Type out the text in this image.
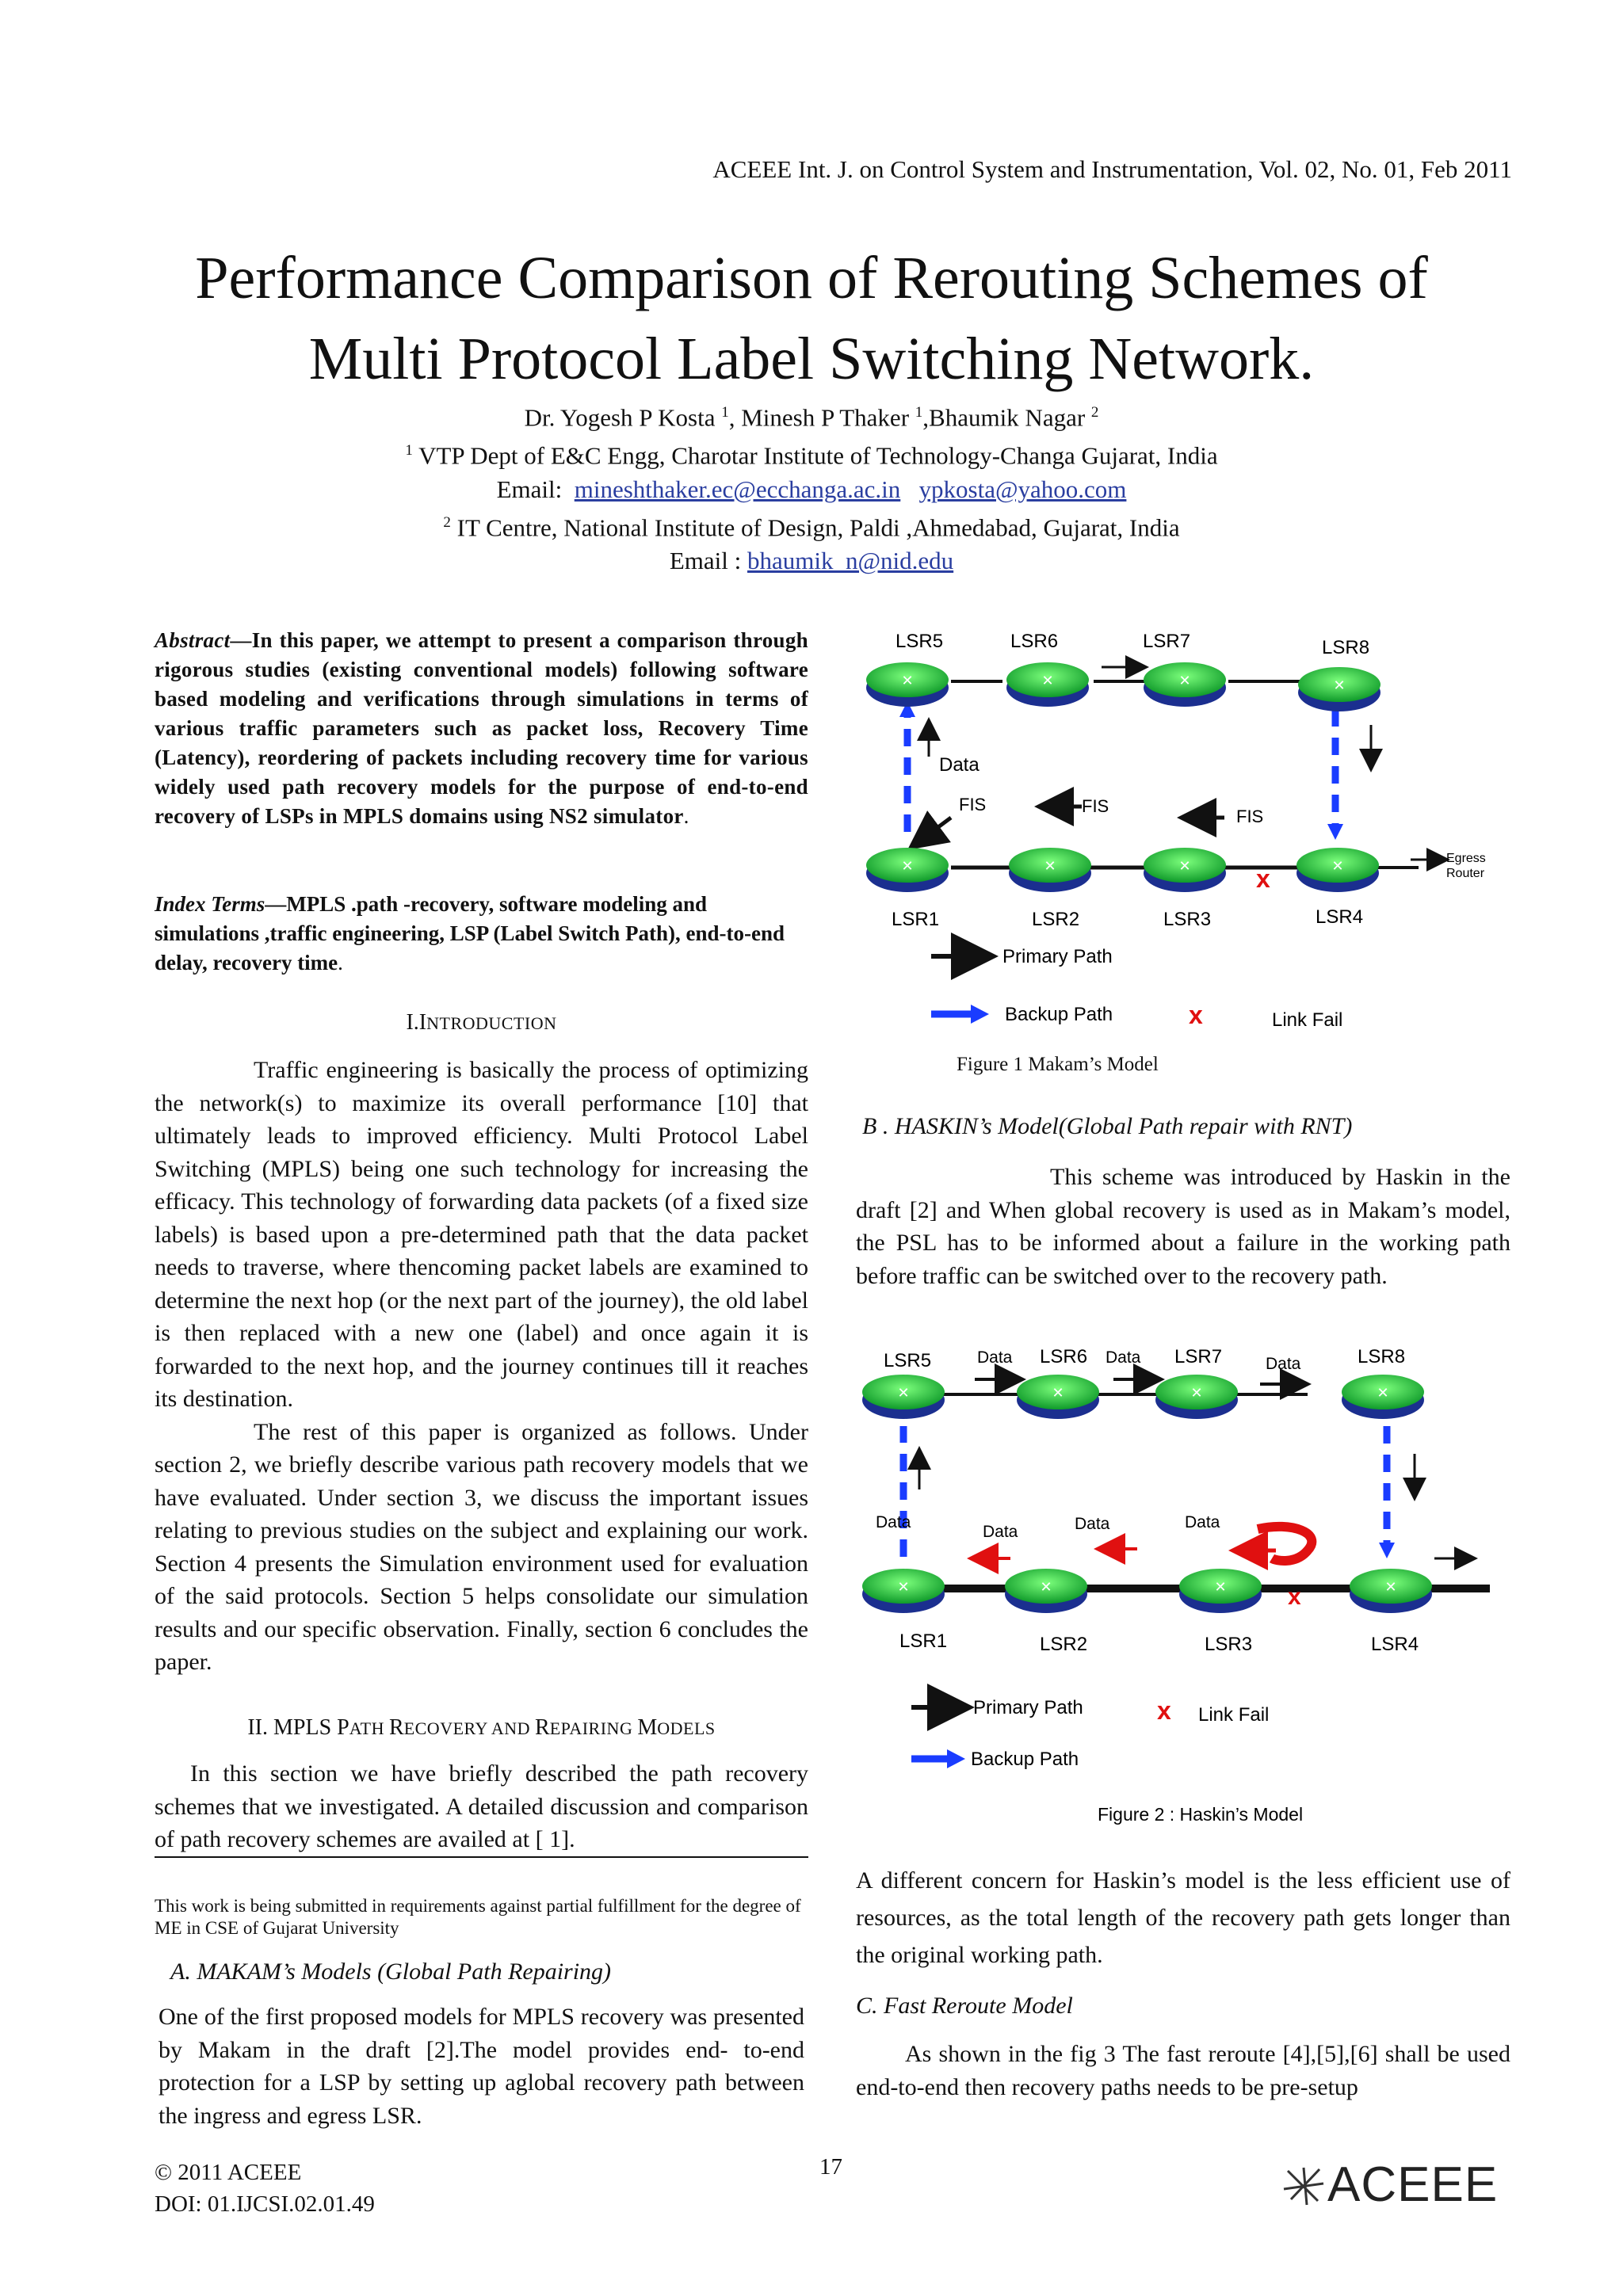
ACEEE Int. J. on Control System and Instrumentation, Vol. 02, No. 01, Feb 2011
Performance Comparison of Rerouting Schemes of
Multi Protocol Label Switching Network.
Dr. Yogesh P Kosta $^1$, Minesh P Thaker $^1$,Bhaumik Nagar $^2$
$^1$ VTP Dept of E&C Engg, Charotar Institute of Technology-Changa Gujarat, India
Email: mineshthaker.ec@ecchanga.ac.in ypkosta@yahoo.com
$^2$ IT Centre, National Institute of Design, Paldi ,Ahmedabad, Gujarat, India
Email : bhaumik_n@nid.edu
Abstract—In this paper, we attempt to present a comparison through rigorous studies (existing conventional models) following software based modeling and verifications through simulations in terms of various traffic parameters such as packet loss, Recovery Time (Latency), reordering of packets including recovery time for various widely used path recovery models for the purpose of end-to-end recovery of LSPs in MPLS domains using NS2 simulator.
Index Terms—MPLS .path -recovery, software modeling and simulations ,traffic engineering, LSP (Label Switch Path), end-to-end delay, recovery time.
I.INTRODUCTION
Traffic engineering is basically the process of optimizing the network(s) to maximize its overall performance [10] that ultimately leads to improved efficiency. Multi Protocol Label Switching (MPLS) being one such technology for increasing the efficacy. This technology of forwarding data packets (of a fixed size labels) is based upon a pre-determined path that the data packet needs to traverse, where thencoming packet labels are examined to determine the next hop (or the next part of the journey), the old label is then replaced with a new one (label) and once again it is forwarded to the next hop, and the journey continues till it reaches its destination.
The rest of this paper is organized as follows. Under section 2, we briefly describe various path recovery models that we have evaluated. Under section 3, we discuss the important issues relating to previous studies on the subject and explaining our work. Section 4 presents the Simulation environment used for evaluation of the said protocols. Section 5 helps consolidate our simulation results and our specific observation. Finally, section 6 concludes the paper.
II. MPLS PATH RECOVERY AND REPAIRING MODELS
In this section we have briefly described the path recovery schemes that we investigated. A detailed discussion and comparison of path recovery schemes are availed at [ 1].
This work is being submitted in requirements against partial fulfillment for the degree of ME in CSE of Gujarat University
A. MAKAM’s Models (Global Path Repairing)
One of the first proposed models for MPLS recovery was presented by Makam in the draft [2].The model provides end- to-end protection for a LSP by setting up aglobal recovery path between the ingress and egress LSR.
✕	✕	✕	✕
✕	✕	✕	✕
LSR5	LSR6	LSR7	LSR8
LSR1	LSR2	LSR3	LSR4
Data
FIS	FIS
FIS
Egress
Router
x
Primary Path
Backup Path	x	Link Fail
Figure 1 Makam’s Model
B . HASKIN’s Model(Global Path repair with RNT)
This scheme was introduced by Haskin in the draft [2] and When global recovery is used as in Makam’s model, the PSL has to be informed about a failure in the working path before traffic can be switched over to the recovery path.
✕	✕	✕	✕
✕	✕	✕	✕
LSR5	LSR6	LSR7	LSR8
LSR1	LSR2	LSR3	LSR4
Data	Data	Data
Data
Data	Data	Data
x
Primary Path	x Link Fail
Backup Path
Figure 2 : Haskin’s Model
A different concern for Haskin’s model is the less efficient use of resources, as the total length of the recovery path gets longer than the original working path.
C. Fast Reroute Model
As shown in the fig 3 The fast reroute [4],[5],[6] shall be used end-to-end then recovery paths needs to be pre-setup
© 2011 ACEEE
DOI: 01.IJCSI.02.01.49
17	ACEEE
